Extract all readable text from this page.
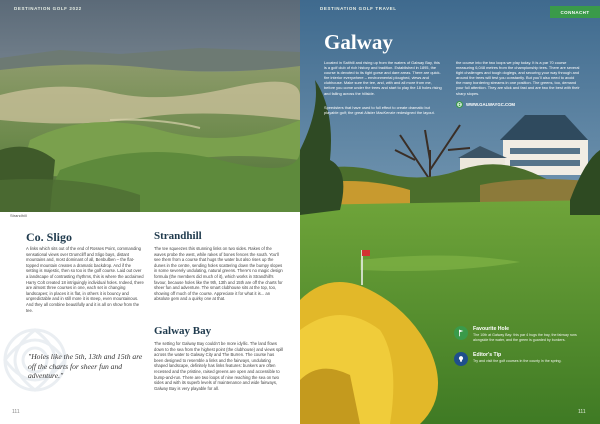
DESTINATION GOLF 2022
Strandhill
Co. Sligo

A links which sits out of the end of Rosses Point, commanding sensational views over Drumcliff and Sligo bays, distant mountains and, most dominant of all, Benbulben – the flat-topped mountain creates a dramatic backdrop. And if the setting is majestic, then so too is the golf course. Laid out over a landscape of contrasting rhythms, this is where the acclaimed Harry Colt created 18 intriguingly individual holes. Indeed, there are almost three courses in one, each set in changing landscapes; in places it is flat, in others it is bouncy and unpredictable and in still more it is steep, even mountainous. And they all combine beautifully and it is all on show from the tee.

"Holes like the 5th, 13th and 15th are off the charts for sheer fun and adventure."

111
Strandhill

The tee squeezes this stunning links on two sides. Rakes of the waves probe the west, while rakes of bones fences the south. You'll see them from a course that hugs the water but also rises up the dunes in the centre, sending holes scattering down the bumpy slopes in some severely undulating, natural greens. There's no magic design formula (the members did much of it), which works in Strandhill's favour, because holes like the 9th, 13th and 15th are off the charts for sheer fun and adventure. The smart clubhouse sits at the top, too, showing off much of the course. Appreciate it for what it is... an absolute gem and a quirky one at that.

Galway Bay

The setting for Galway Bay couldn't be more idyllic. The land flows down to the sea from the highest point (the clubhouse) and views spill across the water to Galway City and The Burren. The course has been designed to resemble a links and the fairways, undulating shaped landscape, definitely has links features: bunkers are often recessed and the pristine, raised greens are open and accessible to bump-and-run. There are two loops of nine reaching the sea on two sides and with its superb levels of maintenance and wide fairways, Galway Bay is very playable for all.

DESTINATION GOLF TRAVEL
CONNACHT
Galway

Located in Salthill and rising up from the waters of Galway Bay, this is a golf club of rich history and tradition. Established in 1895, the course is devoted to its tight gorse and dare areas. There are quick-fire interior everywhere – environmental ploughed, views and clubhouse. Make sure the tee, and, with and all more from me, before you come under the trees and start to play the 18 holes rising and falling across the hillside.

Speedsters that have used to full effect to create dramatic but playable golf; the great Alister MacKenzie redesigned the layout.

the course into the two loops we play today. It is a par 70 course measuring 6,048 metres from the championship tees. There are several tight challenges and tough doglegs, and securing your way through and around the trees will test you constantly. But you'll also need to avoid the many bordering streams in one position. The greens, too, demand your full attention. They are slick and fast and are two the best with their sharp slopes.

WWW.GALWAYGC.COM

Favourite Hole

The 10th at Galway Bay: this par 4 hugs the bay, the fairway runs alongside the water, and the green is guarded by bunkers.

Editor's Tip

Try and visit the golf courses in the county in the spring.

111
